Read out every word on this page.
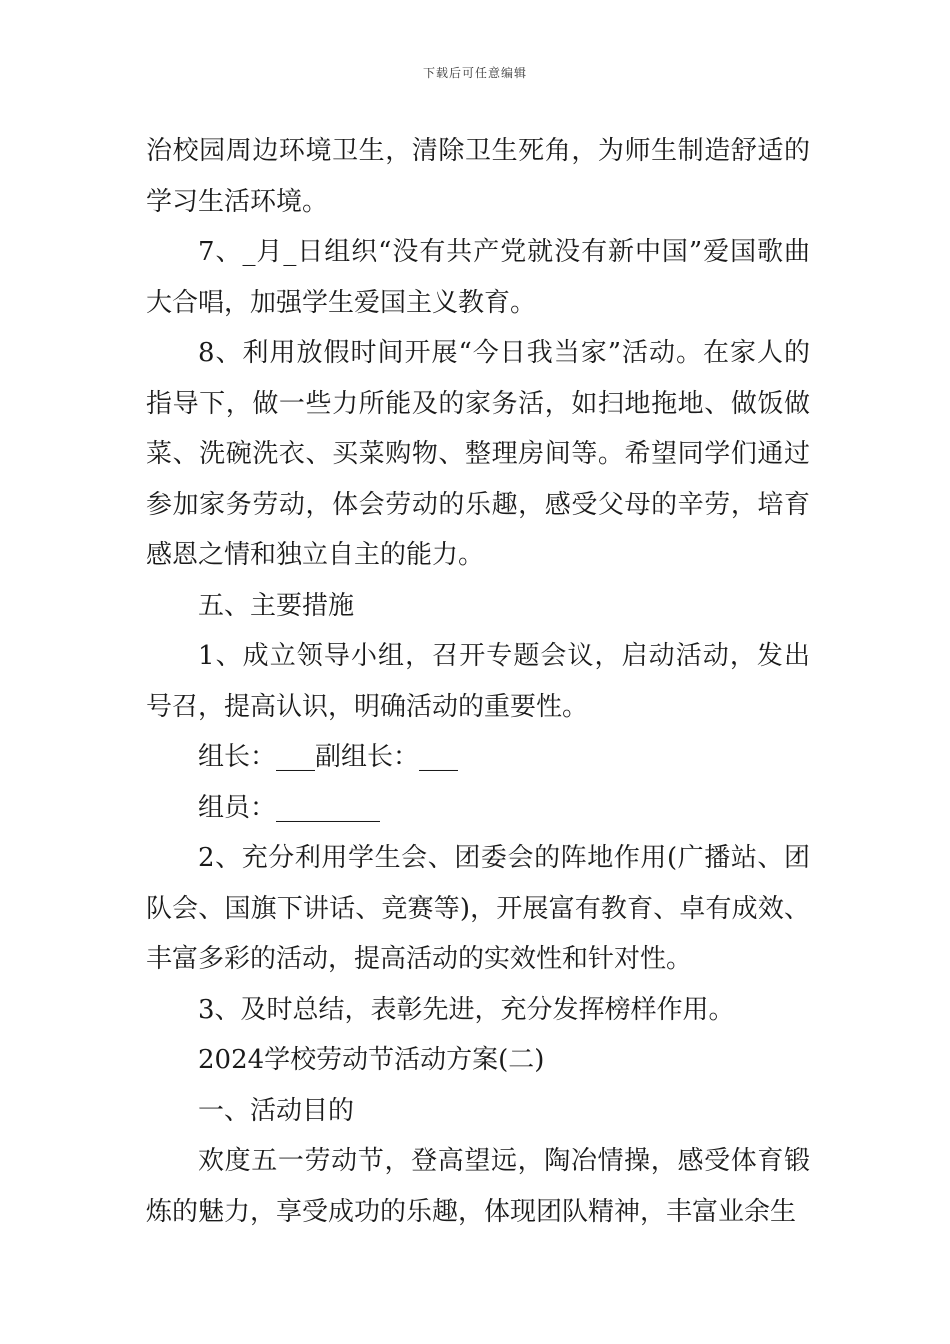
下载后可任意编辑

治校园周边环境卫生，清除卫生死角，为师生制造舒适的学习生活环境。

7、_月_日组织“没有共产党就没有新中国”爱国歌曲大合唱，加强学生爱国主义教育。

8、利用放假时间开展“今日我当家”活动。在家人的指导下，做一些力所能及的家务活，如扫地拖地、做饭做菜、洗碗洗衣、买菜购物、整理房间等。希望同学们通过参加家务劳动，体会劳动的乐趣，感受父母的辛劳，培育感恩之情和独立自主的能力。

五、主要措施

1、成立领导小组，召开专题会议，启动活动，发出号召，提高认识，明确活动的重要性。

组长：___副组长：___

组员：________

2、充分利用学生会、团委会的阵地作用(广播站、团队会、国旗下讲话、竞赛等)，开展富有教育、卓有成效、丰富多彩的活动，提高活动的实效性和针对性。

3、及时总结，表彰先进，充分发挥榜样作用。

2024学校劳动节活动方案(二)

一、活动目的

欢度五一劳动节，登高望远，陶冶情操，感受体育锻炼的魅力，享受成功的乐趣，体现团队精神，丰富业余生
